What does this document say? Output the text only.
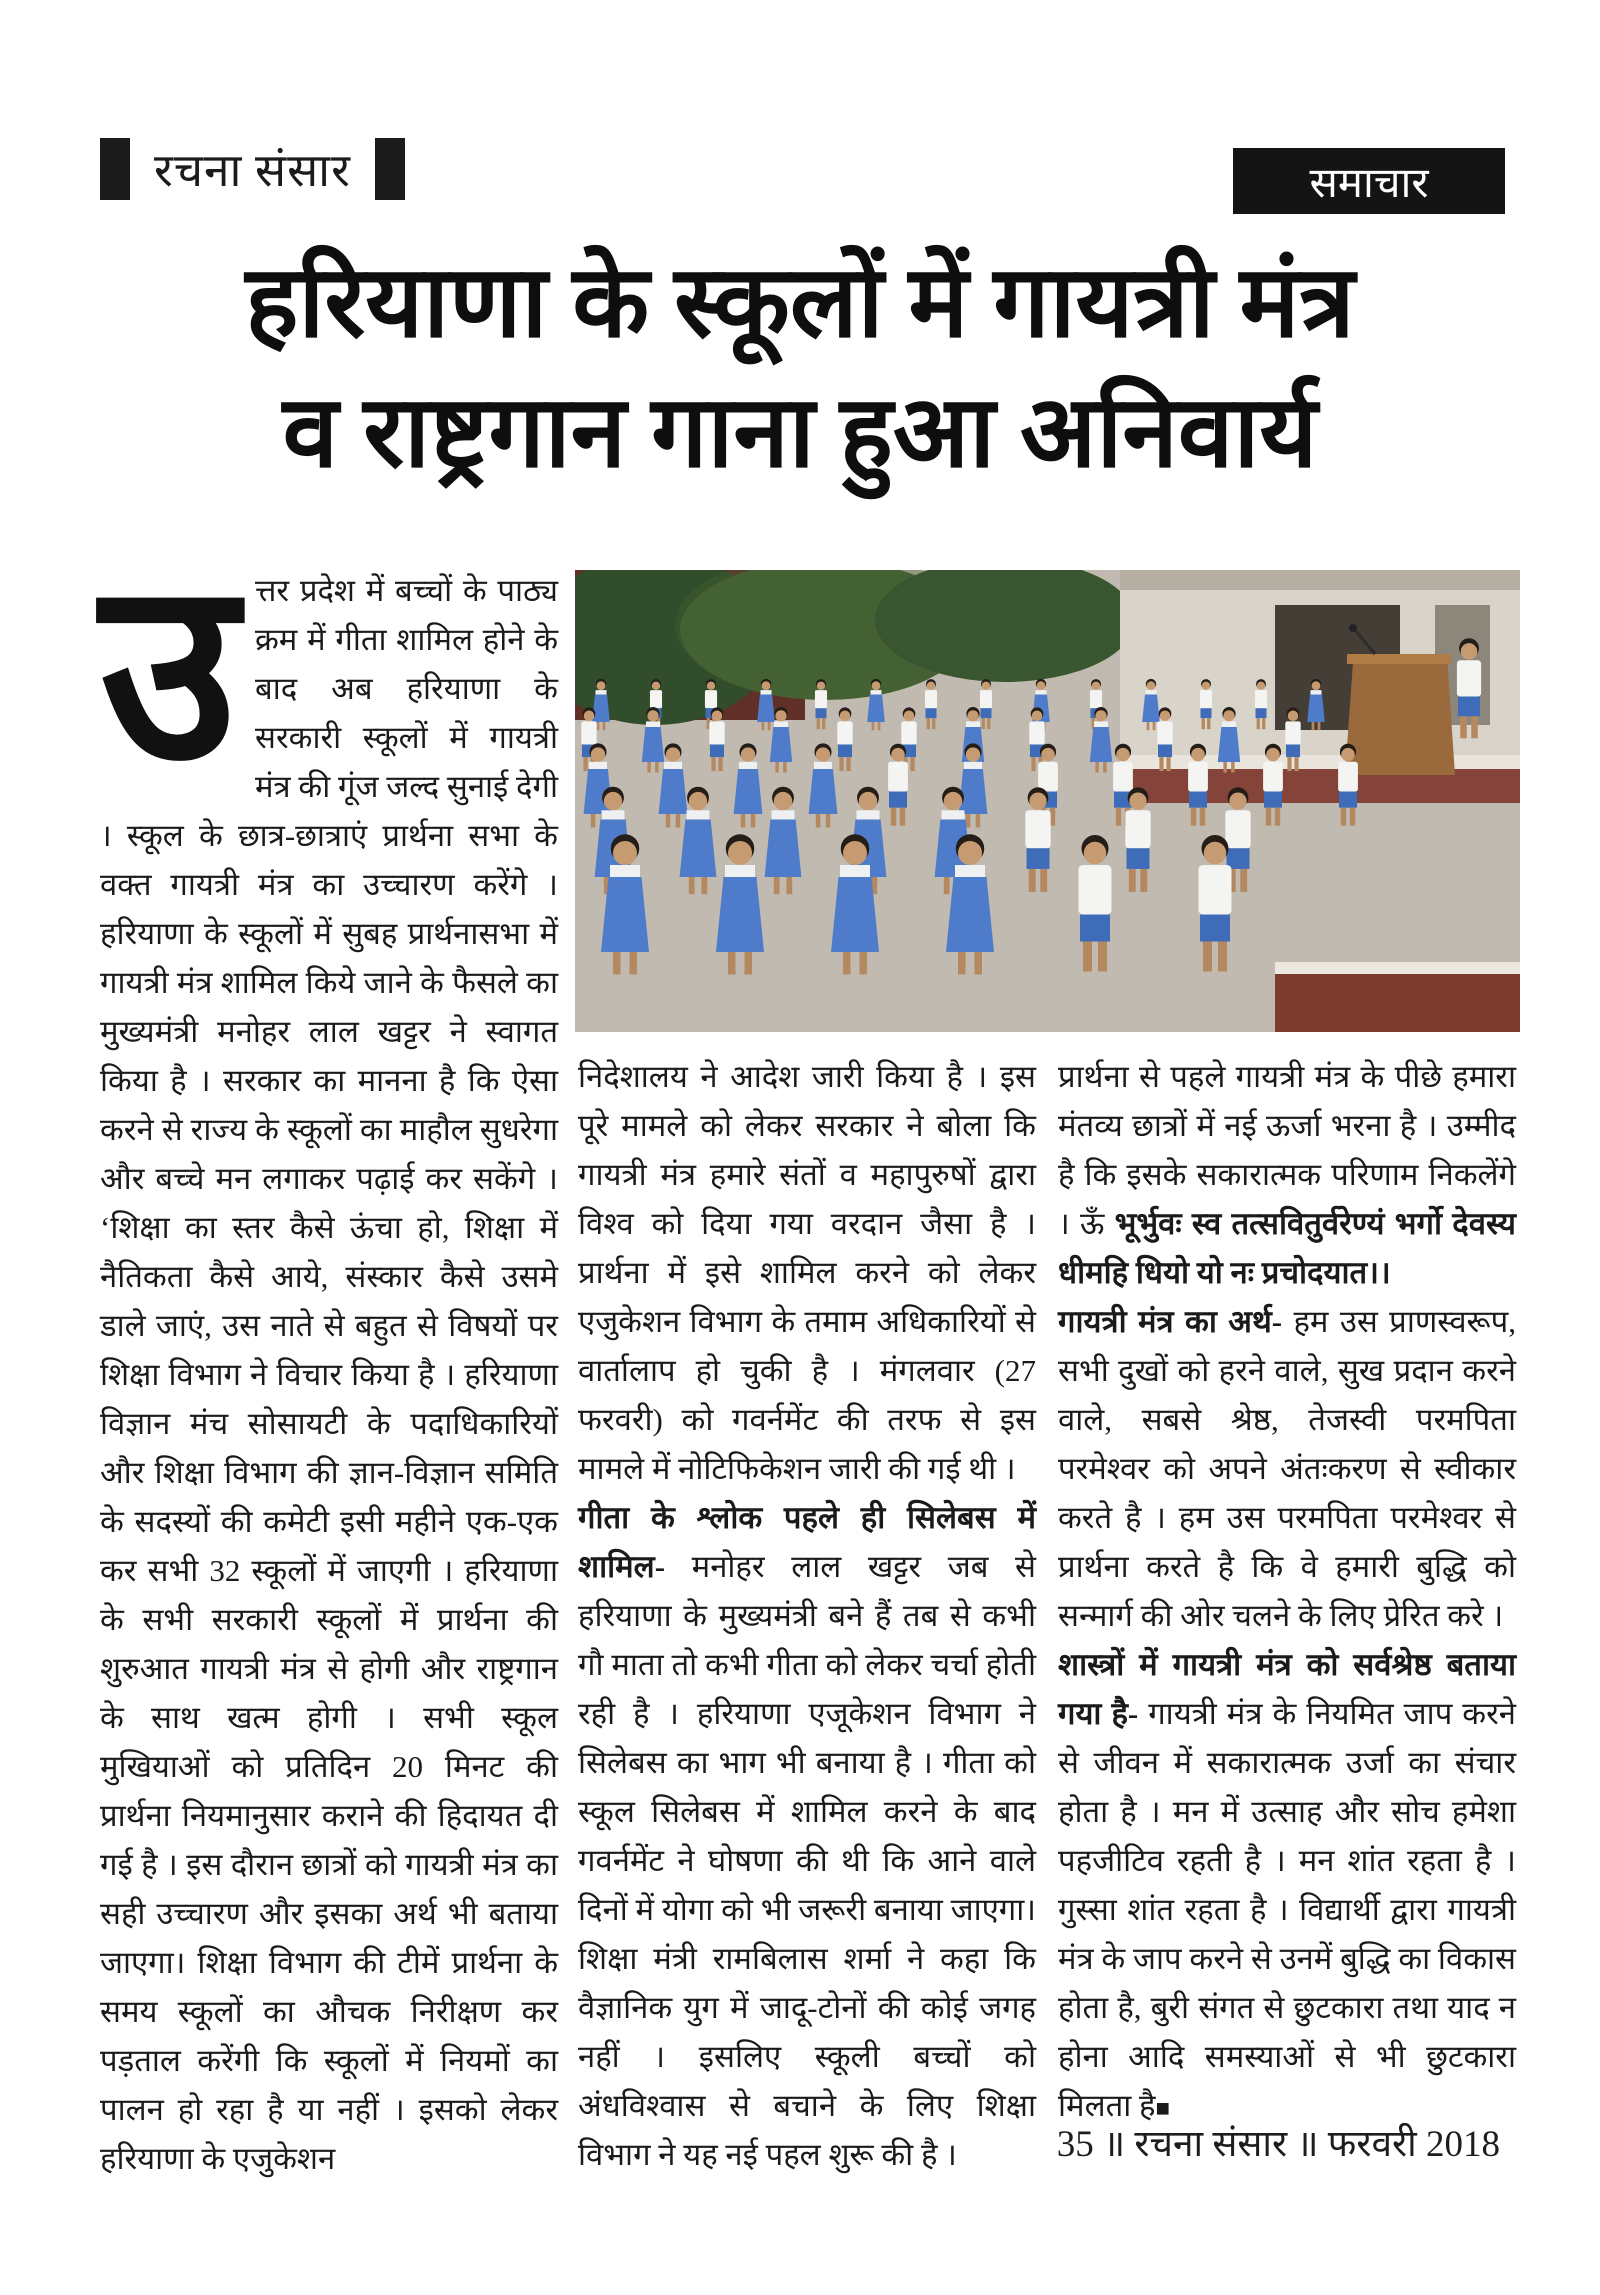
रचना संसार	समाचार
हरियाणा के स्कूलों में गायत्री मंत्र
व राष्ट्रगान गाना हुआ अनिवार्य

उत्तर प्रदेश में बच्चों के पाठ्य क्रम में गीता शामिल होने के बाद अब हरियाणा के सरकारी स्कूलों में गायत्री मंत्र की गूंज जल्द सुनाई देगी । स्कूल के छात्र-छात्राएं प्रार्थना सभा के वक्त गायत्री मंत्र का उच्चारण करेंगे । हरियाणा के स्कूलों में सुबह प्रार्थनासभा में गायत्री मंत्र शामिल किये जाने के फैसले का मुख्यमंत्री मनोहर लाल खट्टर ने स्वागत किया है । सरकार का मानना है कि ऐसा करने से राज्य के स्कूलों का माहौल सुधरेगा और बच्चे मन लगाकर पढ़ाई कर सकेंगे । ‘शिक्षा का स्तर कैसे ऊंचा हो, शिक्षा में नैतिकता कैसे आये, संस्कार कैसे उसमे डाले जाएं, उस नाते से बहुत से विषयों पर शिक्षा विभाग ने विचार किया है । हरियाणा विज्ञान मंच सोसायटी के पदाधिकारियों और शिक्षा विभाग की ज्ञान-विज्ञान समिति के सदस्यों की कमेटी इसी महीने एक-एक कर सभी 32 स्कूलों में जाएगी । हरियाणा के सभी सरकारी स्कूलों में प्रार्थना की शुरुआत गायत्री मंत्र से होगी और राष्ट्रगान के साथ खत्म होगी । सभी स्कूल मुखियाओं को प्रतिदिन 20 मिनट की प्रार्थना नियमानुसार कराने की हिदायत दी गई है । इस दौरान छात्रों को गायत्री मंत्र का सही उच्चारण और इसका अर्थ भी बताया जाएगा। शिक्षा विभाग की टीमें प्रार्थना के समय स्कूलों का औचक निरीक्षण कर पड़ताल करेंगी कि स्कूलों में नियमों का पालन हो रहा है या नहीं । इसको लेकर हरियाणा के एजुकेशन

निदेशालय ने आदेश जारी किया है । इस पूरे मामले को लेकर सरकार ने बोला कि गायत्री मंत्र हमारे संतों व महापुरुषों द्वारा विश्व को दिया गया वरदान जैसा है । प्रार्थना में इसे शामिल करने को लेकर एजुकेशन विभाग के तमाम अधिकारियों से वार्तालाप हो चुकी है । मंगलवार (27 फरवरी) को गवर्नमेंट की तरफ से इस मामले में नोटिफिकेशन जारी की गई थी ।

गीता के श्लोक पहले ही सिलेबस में शामिल- मनोहर लाल खट्टर जब से हरियाणा के मुख्यमंत्री बने हैं तब से कभी गौ माता तो कभी गीता को लेकर चर्चा होती रही है । हरियाणा एजूकेशन विभाग ने सिलेबस का भाग भी बनाया है । गीता को स्कूल सिलेबस में शामिल करने के बाद गवर्नमेंट ने घोषणा की थी कि आने वाले दिनों में योगा को भी जरूरी बनाया जाएगा। शिक्षा मंत्री रामबिलास शर्मा ने कहा कि वैज्ञानिक युग में जादू-टोनों की कोई जगह नहीं । इसलिए स्कूली बच्चों को अंधविश्वास से बचाने के लिए शिक्षा विभाग ने यह नई पहल शुरू की है ।

प्रार्थना से पहले गायत्री मंत्र के पीछे हमारा मंतव्य छात्रों में नई ऊर्जा भरना है । उम्मीद है कि इसके सकारात्मक परिणाम निकलेंगे । ऊँ भूर्भुवः स्व तत्सवितुर्वरेण्यं भर्गो देवस्य धीमहि धियो यो नः प्रचोदयात।।

गायत्री मंत्र का अर्थ- हम उस प्राणस्वरूप, सभी दुखों को हरने वाले, सुख प्रदान करने वाले, सबसे श्रेष्ठ, तेजस्वी परमपिता परमेश्वर को अपने अंतःकरण से स्वीकार करते है । हम उस परमपिता परमेश्वर से प्रार्थना करते है कि वे हमारी बुद्धि को सन्मार्ग की ओर चलने के लिए प्रेरित करे ।

शास्त्रों में गायत्री मंत्र को सर्वश्रेष्ठ बताया गया है- गायत्री मंत्र के नियमित जाप करने से जीवन में सकारात्मक उर्जा का संचार होता है । मन में उत्साह और सोच हमेशा पहजीटिव रहती है । मन शांत रहता है । गुस्सा शांत रहता है । विद्यार्थी द्वारा गायत्री मंत्र के जाप करने से उनमें बुद्धि का विकास होता है, बुरी संगत से छुटकारा तथा याद न होना आदि समस्याओं से भी छुटकारा मिलता है■

35 ॥ रचना संसार ॥ फरवरी 2018
